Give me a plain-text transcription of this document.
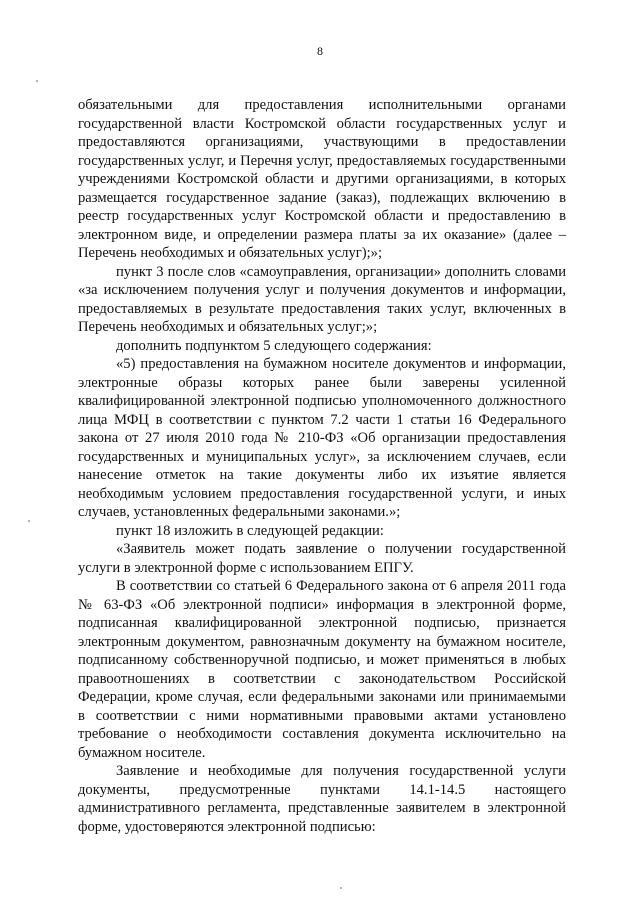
8

обязательными для предоставления исполнительными органами государственной власти Костромской области государственных услуг и предоставляются организациями, участвующими в предоставлении государственных услуг, и Перечня услуг, предоставляемых государственными учреждениями Костромской области и другими организациями, в которых размещается государственное задание (заказ), подлежащих включению в реестр государственных услуг Костромской области и предоставлению в электронном виде, и определении размера платы за их оказание» (далее – Перечень необходимых и обязательных услуг);»;

пункт 3 после слов «самоуправления, организации» дополнить словами «за исключением получения услуг и получения документов и информации, предоставляемых в результате предоставления таких услуг, включенных в Перечень необходимых и обязательных услуг;»;

дополнить подпунктом 5 следующего содержания:

«5) предоставления на бумажном носителе документов и информации, электронные образы которых ранее были заверены усиленной квалифицированной электронной подписью уполномоченного должностного лица МФЦ в соответствии с пунктом 7.2 части 1 статьи 16 Федерального закона от 27 июля 2010 года № 210-ФЗ «Об организации предоставления государственных и муниципальных услуг», за исключением случаев, если нанесение отметок на такие документы либо их изъятие является необходимым условием предоставления государственной услуги, и иных случаев, установленных федеральными законами.»;

пункт 18 изложить в следующей редакции:

«Заявитель может подать заявление о получении государственной услуги в электронной форме с использованием ЕПГУ.

В соответствии со статьей 6 Федерального закона от 6 апреля 2011 года № 63-ФЗ «Об электронной подписи» информация в электронной форме, подписанная квалифицированной электронной подписью, признается электронным документом, равнозначным документу на бумажном носителе, подписанному собственноручной подписью, и может применяться в любых правоотношениях в соответствии с законодательством Российской Федерации, кроме случая, если федеральными законами или принимаемыми в соответствии с ними нормативными правовыми актами установлено требование о необходимости составления документа исключительно на бумажном носителе.

Заявление и необходимые для получения государственной услуги документы, предусмотренные пунктами 14.1-14.5 настоящего административного регламента, представленные заявителем в электронной форме, удостоверяются электронной подписью:
